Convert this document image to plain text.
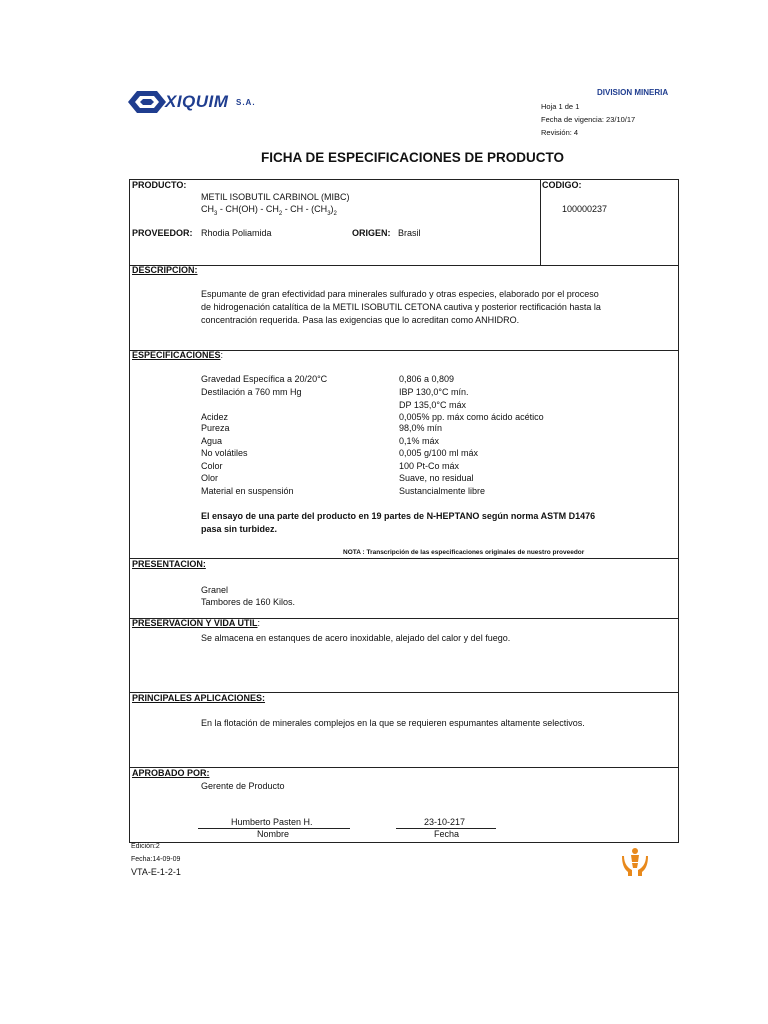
XIQUIM S.A.
DIVISION MINERIA
Hoja 1 de 1
Fecha de vigencia: 23/10/17
Revisión: 4
FICHA DE ESPECIFICACIONES DE PRODUCTO
PRODUCTO:
METIL ISOBUTIL CARBINOL (MIBC)
$CH_3 - CH(OH) - CH_2$ - CH - $(CH_3)_2$
CODIGO:
100000237
PROVEEDOR: Rhodia Poliamida	ORIGEN: Brasil
DESCRIPCION:
Espumante de gran efectividad para minerales sulfurado y otras especies, elaborado por el proceso
de hidrogenación catalítica de la METIL ISOBUTIL CETONA cautiva y posterior rectificación hasta la
concentración requerida. Pasa las exigencias que lo acreditan como ANHIDRO.
ESPECIFICACIONES:
Gravedad Específica a 20/20°C	0,806 a 0,809
Destilación a 760 mm Hg	IBP 130,0°C mín.
DP 135,0°C máx
Acidez	0,005% pp. máx como ácido acético
Pureza	98,0% mín
Agua	0,1% máx
No volátiles	0,005 g/100 ml máx
Color	100 Pt-Co máx
Olor	Suave, no residual
Material en suspensión	Sustancialmente libre
El ensayo de una parte del producto en 19 partes de N-HEPTANO según norma ASTM D1476
pasa sin turbidez.
NOTA : Transcripción de las especificaciones originales de nuestro proveedor
PRESENTACION:
Granel
Tambores de 160 Kilos.
PRESERVACION Y VIDA UTIL:
Se almacena en estanques de acero inoxidable, alejado del calor y del fuego.
PRINCIPALES APLICACIONES:
En la flotación de minerales complejos en la que se requieren espumantes altamente selectivos.
APROBADO POR:
Gerente de Producto
Humberto Pasten H.
Nombre
23-10-217
Fecha
Edición:2
Fecha:14-09-09
VTA-E-1-2-1
